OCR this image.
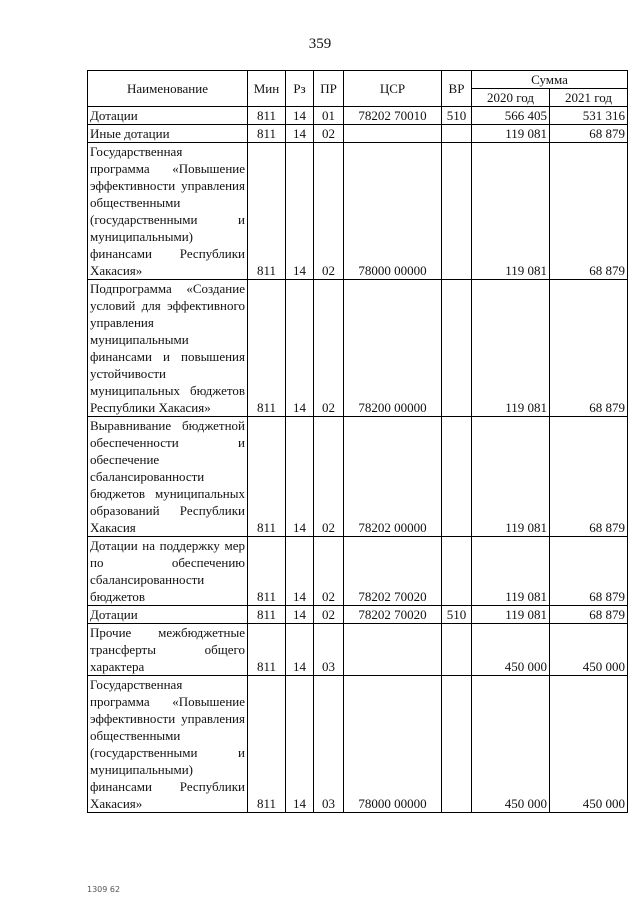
359
Наименование	Мин	Рз	ПР	ЦСР	ВР	Сумма	
						2020 год	2021 год
Дотации	811	14	01	78202 70010	510	566 405	531 316
Иные дотации	811	14	02			119 081	68 879
Государственная программа «Повышение эффективности управления общественными (государственными и муниципальными) финансами Республики Хакасия»	811	14	02	78000 00000		119 081	68 879
Подпрограмма «Создание условий для эффективного управления муниципальными финансами и повышения устойчивости муниципальных бюджетов Республики Хакасия»	811	14	02	78200 00000		119 081	68 879
Выравнивание бюджетной обеспеченности и обеспечение сбалансированности бюджетов муниципальных образований Республики Хакасия	811	14	02	78202 00000		119 081	68 879
Дотации на поддержку мер по обеспечению сбалансированности бюджетов	811	14	02	78202 70020		119 081	68 879
Дотации	811	14	02	78202 70020	510	119 081	68 879
Прочие межбюджетные трансферты общего характера	811	14	03			450 000	450 000
Государственная программа «Повышение эффективности управления общественными (государственными и муниципальными) финансами Республики Хакасия»	811	14	03	78000 00000		450 000	450 000
1309 62
